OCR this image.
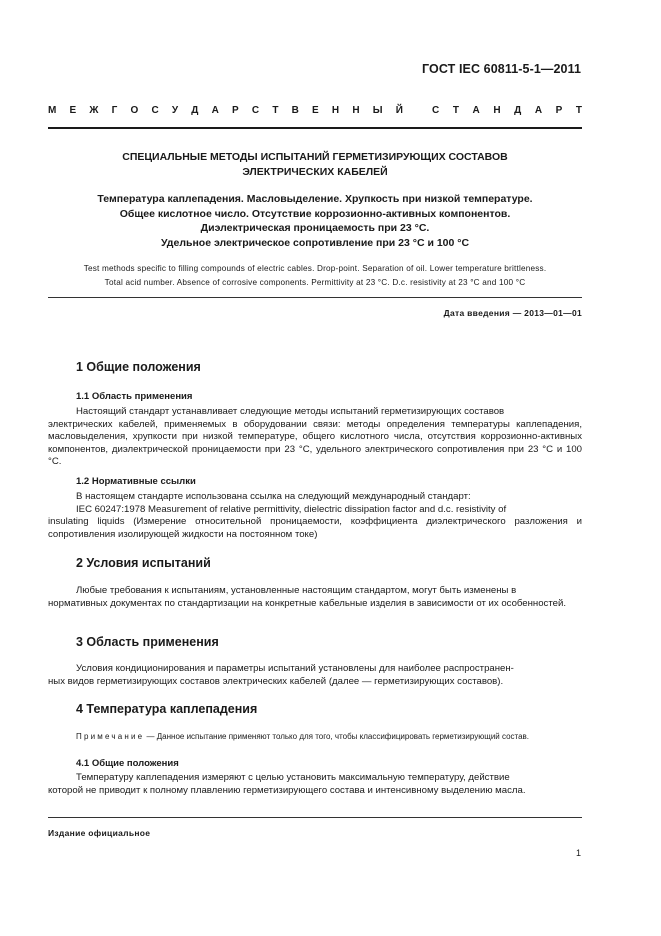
ГОСТ IEC 60811-5-1—2011
М Е Ж Г О С У Д А Р С Т В Е Н Н Ы Й	С Т А Н Д А Р Т
СПЕЦИАЛЬНЫЕ МЕТОДЫ ИСПЫТАНИЙ ГЕРМЕТИЗИРУЮЩИХ СОСТАВОВ
ЭЛЕКТРИЧЕСКИХ КАБЕЛЕЙ
Температура каплепадения. Масловыделение. Хрупкость при низкой температуре.
Общее кислотное число. Отсутствие коррозионно-активных компонентов.
Диэлектрическая проницаемость при 23 °С.
Удельное электрическое сопротивление при 23 °С и 100 °С
Test methods specific to filling compounds of electric cables. Drop-point. Separation of oil. Lower temperature brittleness.
Total acid number. Absence of corrosive components. Permittivity at 23 °C. D.c. resistivity at 23 °C and 100 °C
Дата введения — 2013—01—01
1 Общие положения
1.1 Область применения
Настоящий стандарт устанавливает следующие методы испытаний герметизирующих составов
электрических кабелей, применяемых в оборудовании связи: методы определения температуры каплепадения, масловыделения, хрупкости при низкой температуре, общего кислотного числа, отсутствия коррозионно-активных компонентов, диэлектрической проницаемости при 23 °С, удельного электрического сопротивления при 23 °С и 100 °С.
1.2 Нормативные ссылки
В настоящем стандарте использована ссылка на следующий международный стандарт:
IEC 60247:1978 Measurement of relative permittivity, dielectric dissipation factor and d.c. resistivity of
insulating liquids (Измерение относительной проницаемости, коэффициента диэлектрического разложения и сопротивления изолирующей жидкости на постоянном токе)
2 Условия испытаний
Любые требования к испытаниям, установленные настоящим стандартом, могут быть изменены в
нормативных документах по стандартизации на конкретные кабельные изделия в зависимости от их особенностей.
3 Область применения
Условия кондиционирования и параметры испытаний установлены для наиболее распространен-
ных видов герметизирующих составов электрических кабелей (далее — герметизирующих составов).
4 Температура каплепадения
Примечание — Данное испытание применяют только для того, чтобы классифицировать герметизирующий состав.
4.1 Общие положения
Температуру каплепадения измеряют с целью установить максимальную температуру, действие
которой не приводит к полному плавлению герметизирующего состава и интенсивному выделению масла.
Издание официальное
1
